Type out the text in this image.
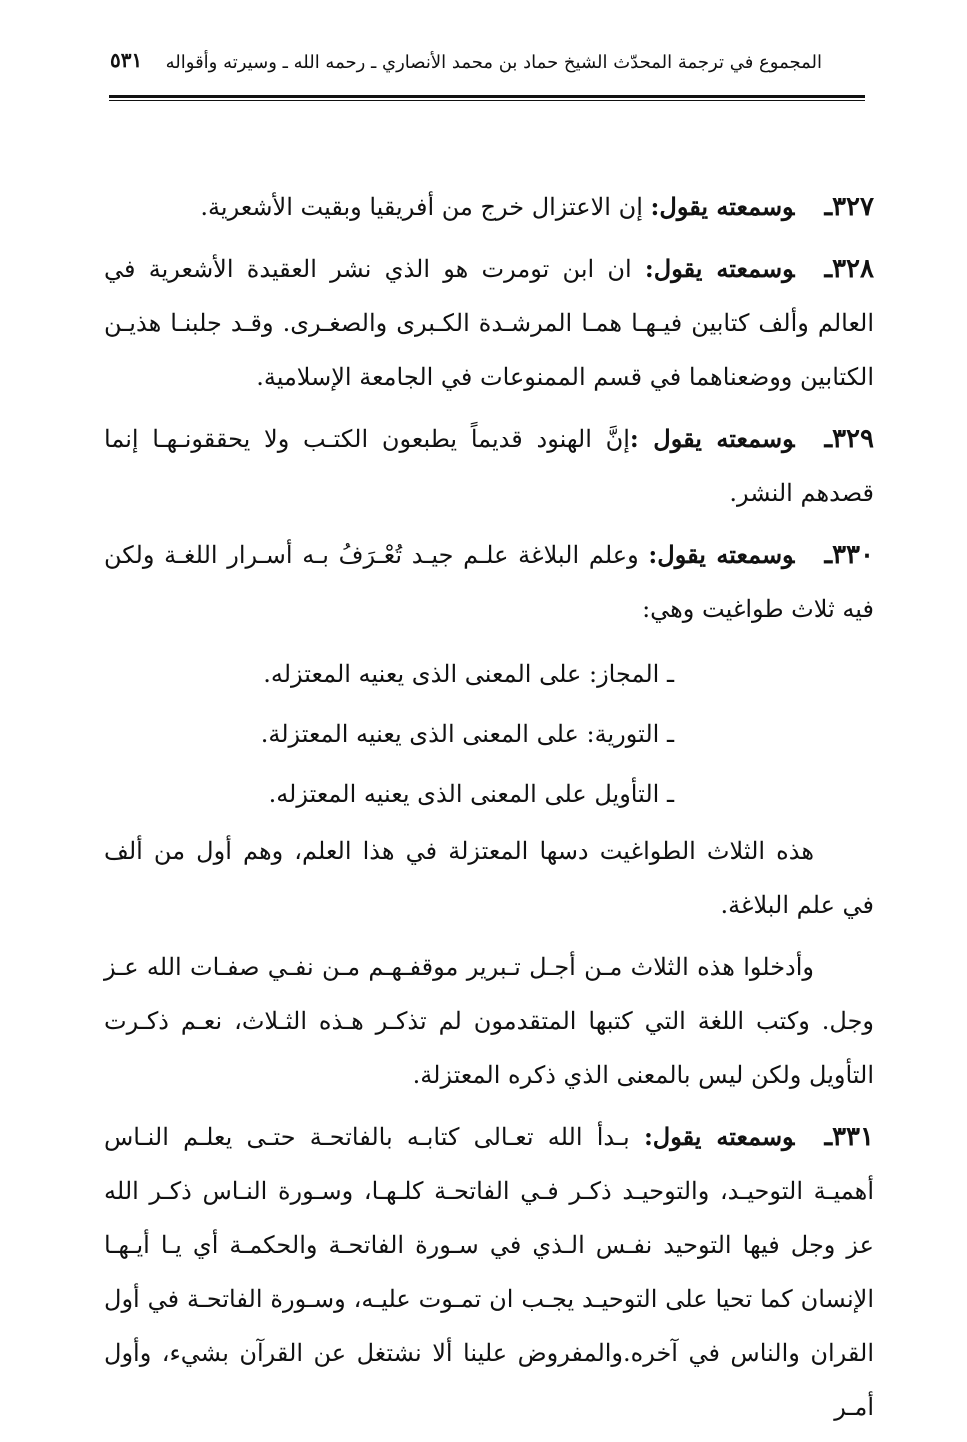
المجموع في ترجمة المحدّث الشيخ حماد بن محمد الأنصاري ـ رحمه الله ـ وسيرته وأقواله
٥٣١

٣٢٧ـوسمعته يقول: إن الاعتزال خرج من أفريقيا وبقيت الأشعرية.

٣٢٨ـوسمعته يقول: ان ابن تومرت هو الذي نشر العقيدة الأشعرية في العالم وألف كتابين فيـهـا همـا المرشـدة الكـبرى والصغـرى. وقـد جلبنـا هذيـن الكتابين ووضعناهما في قسم الممنوعات في الجامعة الإسلامية.

٣٢٩ـوسمعته يقول :إنَّ الهنود قديماً يطبعون الكتـب ولا يحققونـهـا إنما قصدهم النشر.

٣٣٠ـوسمعته يقول: وعلم البلاغة علـم جيـد تُعْـرَفُ بـه أسـرار اللغـة ولكن فيه ثلاث طواغيت وهي:

ـ المجاز: على المعنى الذى يعنيه المعتزله.

ـ التورية: على المعنى الذى يعنيه المعتزلة.

ـ التأويل على المعنى الذى يعنيه المعتزله.

هذه الثلاث الطواغيت دسها المعتزلة في هذا العلم، وهم أول من ألف في علم البلاغة.

وأدخلوا هذه الثلاث مـن أجـل تـبرير موقفـهـم مـن نفـي صفـات الله عـز وجل. وكتب اللغة التي كتبها المتقدمون لم تذكـر هـذه الثـلاث، نعـم ذكـرت التأويل ولكن ليس بالمعنى الذي ذكره المعتزلة.

٣٣١ـوسمعته يقول: بـدأ الله تعـالى كتابـه بالفاتحـة حتـى يعلـم النـاس أهميـة التوحيـد، والتوحيـد ذكـر فـي الفاتحـة كلـهـا، وسـورة النـاس ذكـر الله عز وجل فيها التوحيد نفـس الـذي في سـورة الفاتحـة والحكمـة أي يـا أيـهـا الإنسان كما تحيا على التوحيـد يجـب ان تمـوت عليـه، وسـورة الفاتحـة في أول القران والناس في آخره.والمفروض علينا ألا نشتغل عن القرآن بشيء، وأول أمـر
